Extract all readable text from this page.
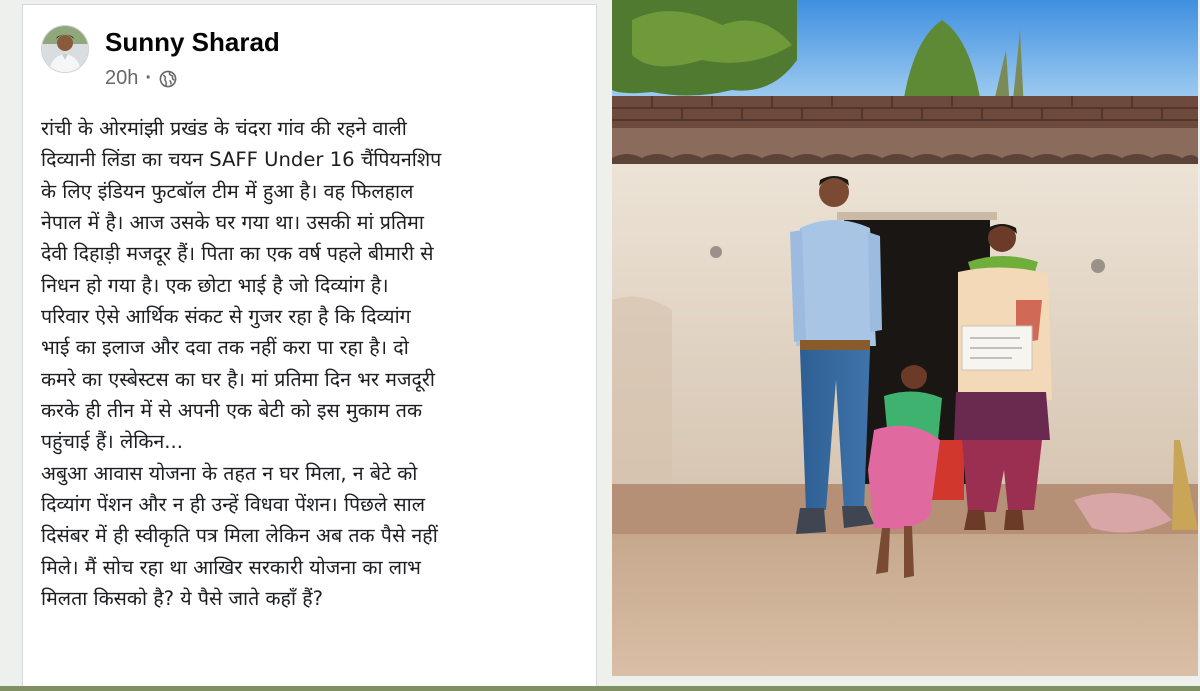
Sunny Sharad
20h ·
रांची के ओरमांझी प्रखंड के चंदरा गांव की रहने वाली
दिव्यानी लिंडा का चयन SAFF Under 16 चैंपियनशिप
के लिए इंडियन फुटबॉल टीम में हुआ है। वह फिलहाल
नेपाल में है। आज उसके घर गया था। उसकी मां प्रतिमा
देवी दिहाड़ी मजदूर हैं। पिता का एक वर्ष पहले बीमारी से
निधन हो गया है। एक छोटा भाई है जो दिव्यांग है।
परिवार ऐसे आर्थिक संकट से गुजर रहा है कि दिव्यांग
भाई का इलाज और दवा तक नहीं करा पा रहा है। दो
कमरे का एस्बेस्टस का घर है। मां प्रतिमा दिन भर मजदूरी
करके ही तीन में से अपनी एक बेटी को इस मुकाम तक
पहुंचाई हैं। लेकिन...
अबुआ आवास योजना के तहत न घर मिला, न बेटे को
दिव्यांग पेंशन और न ही उन्हें विधवा पेंशन। पिछले साल
दिसंबर में ही स्वीकृति पत्र मिला लेकिन अब तक पैसे नहीं
मिले। मैं सोच रहा था आखिर सरकारी योजना का लाभ
मिलता किसको है? ये पैसे जाते कहाँ हैं?
